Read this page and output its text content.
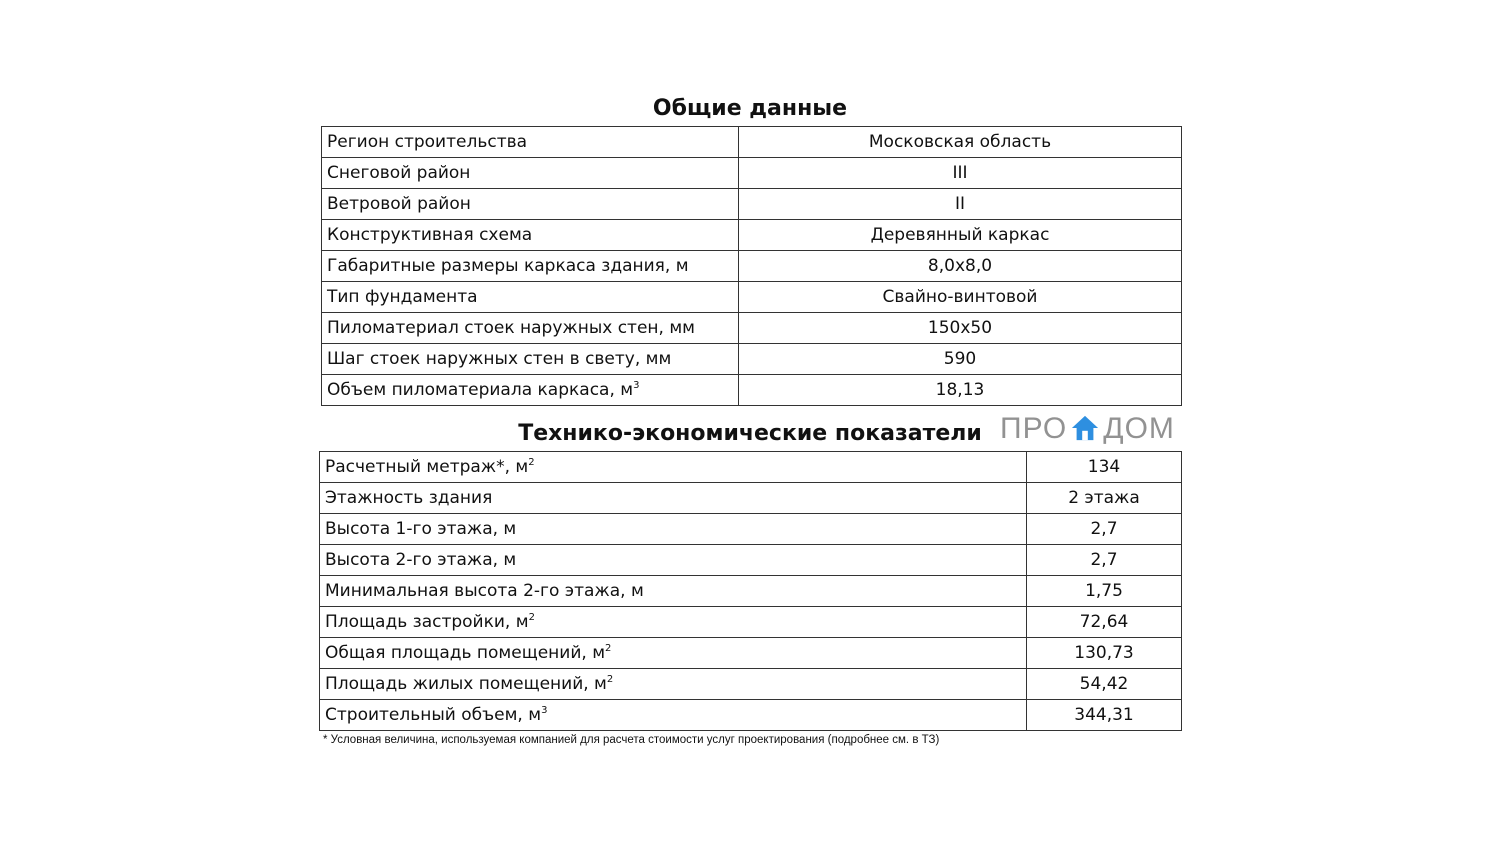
Общие данные
Регион строительства	Московская область
Снеговой район	III
Ветровой район	II
Конструктивная схема	Деревянный каркас
Габаритные размеры каркаса здания, м	8,0x8,0
Тип фундамента	Свайно-винтовой
Пиломатериал стоек наружных стен, мм	150x50
Шаг стоек наружных стен в свету, мм	590
Объем пиломатериала каркаса, $м^3$	18,13
ПРО ДОМ
Технико-экономические показатели
Расчетный метраж*, $м^2$	134
Этажность здания	2 этажа
Высота 1-го этажа, м	2,7
Высота 2-го этажа, м	2,7
Минимальная высота 2-го этажа, м	1,75
Площадь застройки, $м^2$	72,64
Общая площадь помещений, $м^2$	130,73
Площадь жилых помещений, $м^2$	54,42
Строительный объем, $м^3$	344,31
* Условная величина, используемая компанией для расчета стоимости услуг проектирования (подробнее см. в ТЗ)
